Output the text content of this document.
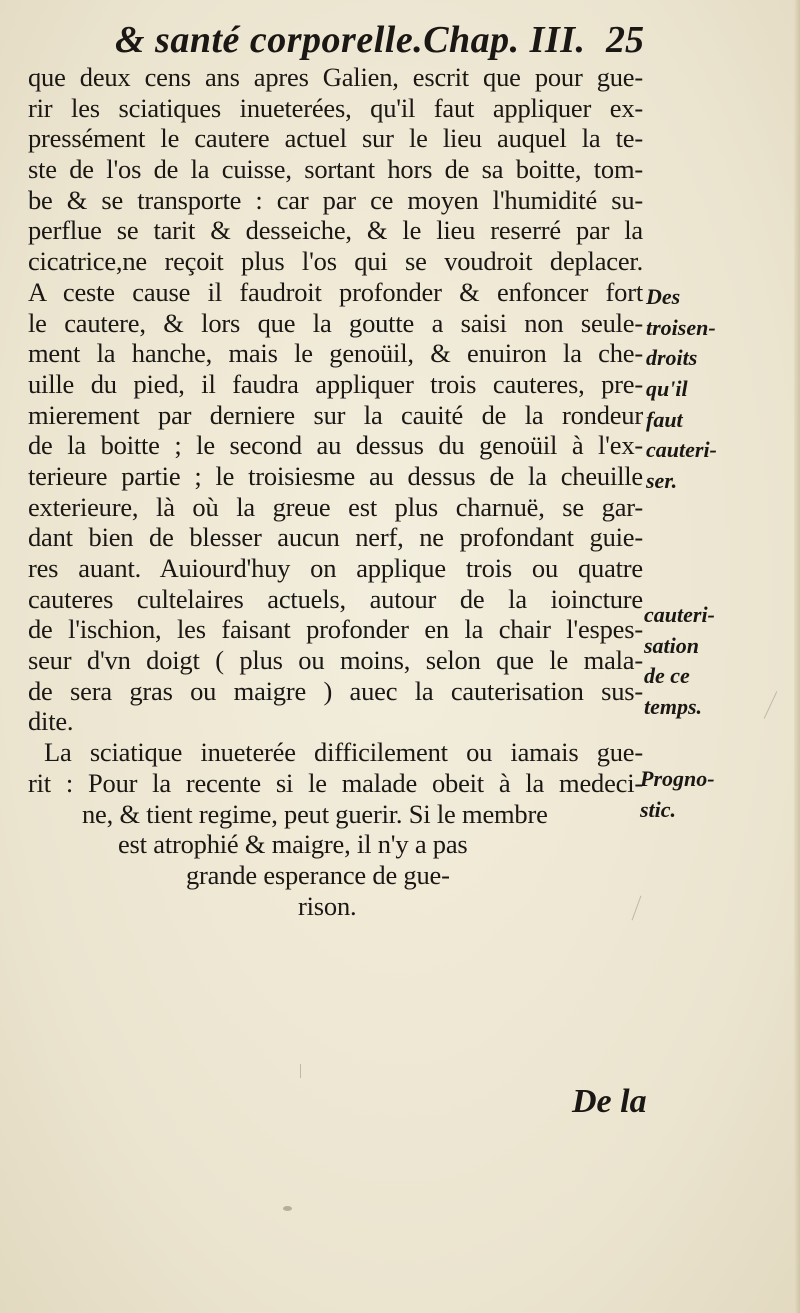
& santé corporelle.Chap. III. 25
que deux cens ans apres Galien, escrit que pour gue-
rir les sciatiques inueterées, qu'il faut appliquer ex-
pressément le cautere actuel sur le lieu auquel la te-
ste de l'os de la cuisse, sortant hors de sa boitte, tom-
be & se transporte : car par ce moyen l'humidité su-
perflue se tarit & desseiche, & le lieu reserré par la
cicatrice,ne reçoit plus l'os qui se voudroit deplacer.
A ceste cause il faudroit profonder & enfoncer fort
le cautere, & lors que la goutte a saisi non seule-
ment la hanche, mais le genoüil, & enuiron la che-
uille du pied, il faudra appliquer trois cauteres, pre-
mierement par derniere sur la cauité de la rondeur
de la boitte ; le second au dessus du genoüil à l'ex-
terieure partie ; le troisiesme au dessus de la cheuille
exterieure, là où la greue est plus charnuë, se gar-
dant bien de blesser aucun nerf, ne profondant guie-
res auant. Auiourd'huy on applique trois ou quatre
cauteres cultelaires actuels, autour de la ioincture
de l'ischion, les faisant profonder en la chair l'espes-
seur d'vn doigt ( plus ou moins, selon que le mala-
de sera gras ou maigre ) auec la cauterisation sus-
dite.
La sciatique inueterée difficilement ou iamais gue-
rit : Pour la recente si le malade obeit à la medeci-
ne, & tient regime, peut guerir. Si le membre
est atrophié & maigre, il n'y a pas
grande esperance de gue-
rison.
Des
troisen-
droits
qu'il
faut
cauteri-
ser.
cauteri-
sation
de ce
temps.
Progno-
stic.
De la
